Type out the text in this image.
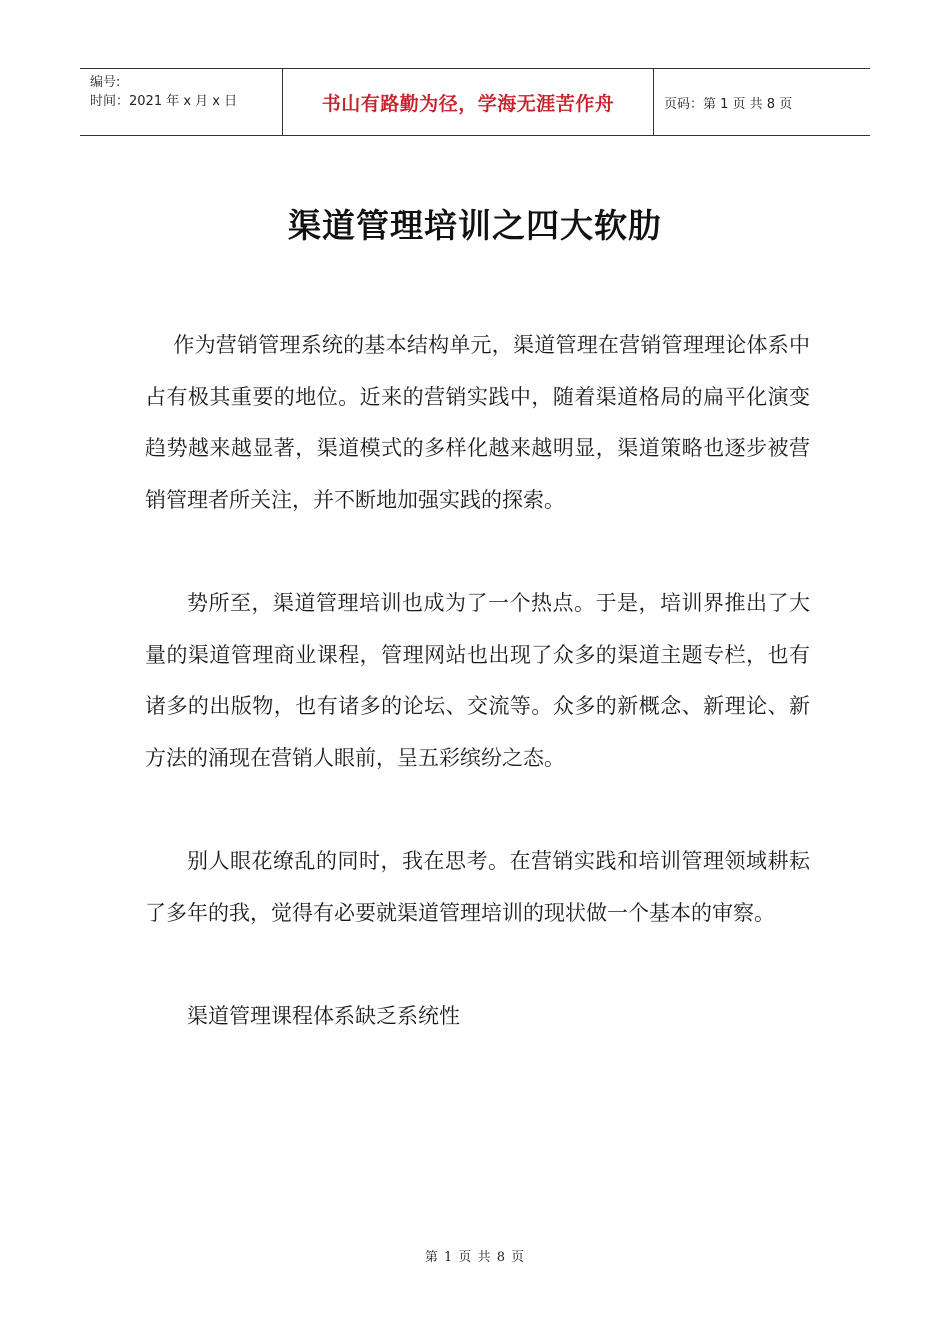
编号:
时间：2021 年 x 月 x 日	书山有路勤为径，学海无涯苦作舟	页码：第 1 页 共 8 页
渠道管理培训之四大软肋

作为营销管理系统的基本结构单元，渠道管理在营销管理理论体系中占有极其重要的地位。近来的营销实践中，随着渠道格局的扁平化演变趋势越来越显著，渠道模式的多样化越来越明显，渠道策略也逐步被营销管理者所关注，并不断地加强实践的探索。

势所至，渠道管理培训也成为了一个热点。于是，培训界推出了大量的渠道管理商业课程，管理网站也出现了众多的渠道主题专栏，也有诸多的出版物，也有诸多的论坛、交流等。众多的新概念、新理论、新方法的涌现在营销人眼前，呈五彩缤纷之态。

别人眼花缭乱的同时，我在思考。在营销实践和培训管理领域耕耘了多年的我，觉得有必要就渠道管理培训的现状做一个基本的审察。

渠道管理课程体系缺乏系统性

第 1 页 共 8 页
